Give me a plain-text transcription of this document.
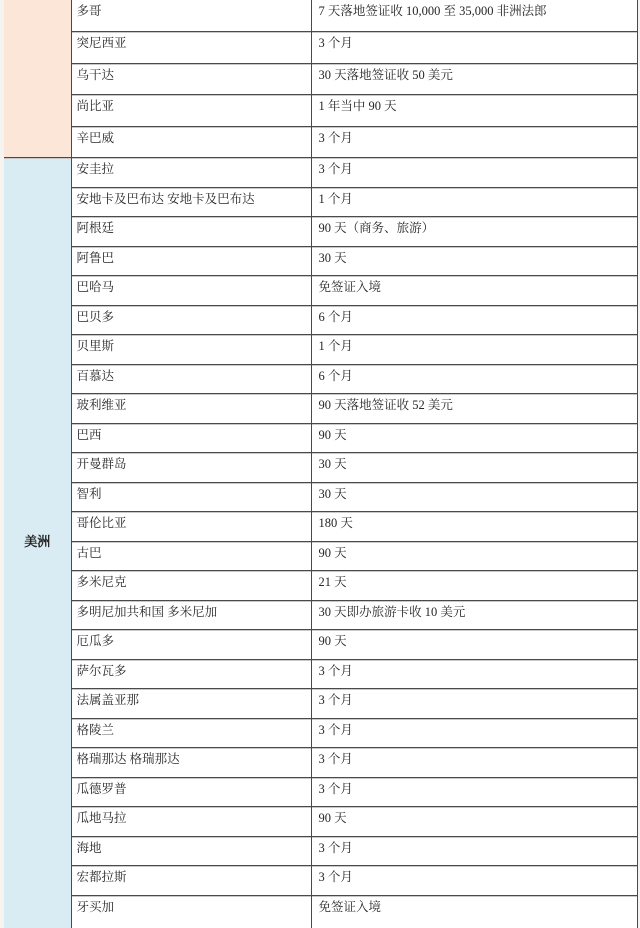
	多哥	7 天落地签证收 10,000 至 35,000 非洲法郎
	突尼西亚	3 个月
	乌干达	30 天落地签证收 50 美元
	尚比亚	1 年当中 90 天
	辛巴威	3 个月
美洲	安圭拉	3 个月
	安地卡及巴布达 安地卡及巴布达	1 个月
	阿根廷	90 天（商务、旅游）
	阿鲁巴	30 天
	巴哈马	免签证入境
	巴贝多	6 个月
	贝里斯	1 个月
	百慕达	6 个月
	玻利维亚	90 天落地签证收 52 美元
	巴西	90 天
	开曼群岛	30 天
	智利	30 天
	哥伦比亚	180 天
	古巴	90 天
	多米尼克	21 天
	多明尼加共和国 多米尼加	30 天即办旅游卡收 10 美元
	厄瓜多	90 天
	萨尔瓦多	3 个月
	法属盖亚那	3 个月
	格陵兰	3 个月
	格瑞那达 格瑞那达	3 个月
	瓜德罗普	3 个月
	瓜地马拉	90 天
	海地	3 个月
	宏都拉斯	3 个月
	牙买加	免签证入境
